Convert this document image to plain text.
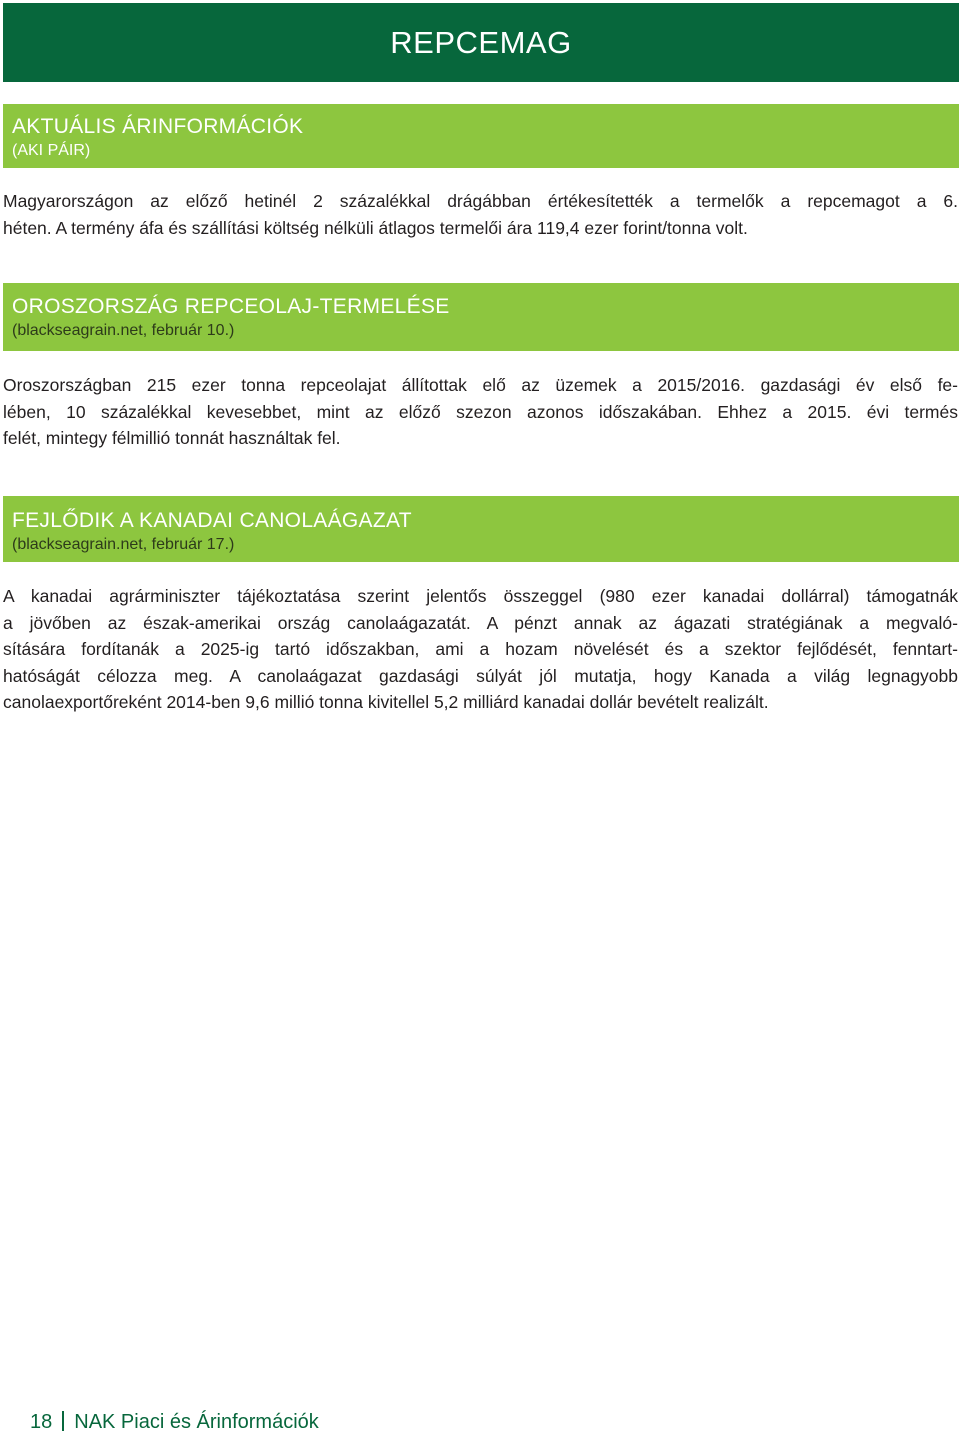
REPCEMAG
AKTUÁLIS ÁRINFORMÁCIÓK
(AKI PÁIR)
Magyarországon az előző hetinél 2 százalékkal drágábban értékesítették a termelők a repcemagot a 6.
héten. A termény áfa és szállítási költség nélküli átlagos termelői ára 119,4 ezer forint/tonna volt.
OROSZORSZÁG REPCEOLAJ-TERMELÉSE
(blackseagrain.net, február 10.)
Oroszországban 215 ezer tonna repceolajat állítottak elő az üzemek a 2015/2016. gazdasági év első fe-
lében, 10 százalékkal kevesebbet, mint az előző szezon azonos időszakában. Ehhez a 2015. évi termés
felét, mintegy félmillió tonnát használtak fel.
FEJLŐDIK A KANADAI CANOLAÁGAZAT
(blackseagrain.net, február 17.)
A kanadai agrárminiszter tájékoztatása szerint jelentős összeggel (980 ezer kanadai dollárral) támogatnák
a jövőben az észak-amerikai ország canolaágazatát. A pénzt annak az ágazati stratégiának a megvaló-
sítására fordítanák a 2025-ig tartó időszakban, ami a hozam növelését és a szektor fejlődését, fenntart-
hatóságát célozza meg. A canolaágazat gazdasági súlyát jól mutatja, hogy Kanada a világ legnagyobb
canolaexportőreként 2014-ben 9,6 millió tonna kivitellel 5,2 milliárd kanadai dollár bevételt realizált.
18 NAK Piaci és Árinformációk
